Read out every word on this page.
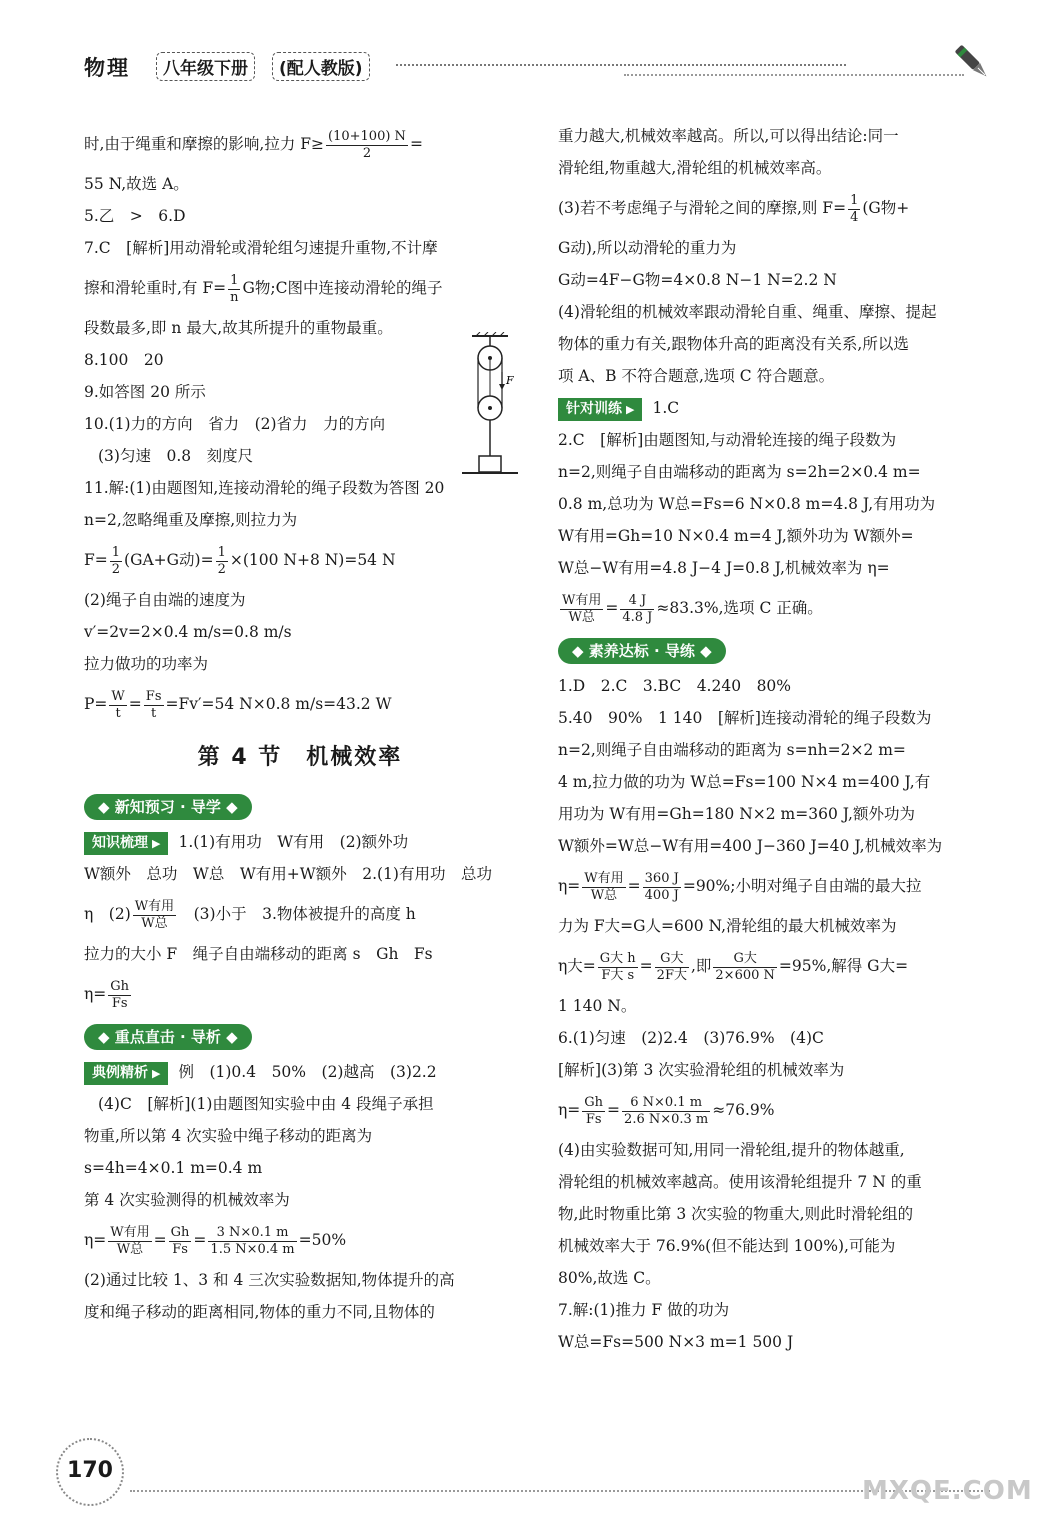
物理	八年级下册	(配人教版)
时,由于绳重和摩擦的影响,拉力 $F\ge \frac{(10+100) N}{2}$ =
55 N,故选 A。
5.乙　>　6.D
7.C　[解析]用动滑轮或滑轮组匀速提升重物,不计摩
擦和滑轮重时,有 $F= \frac{1}{n}$ G物;C图中连接动滑轮的绳子
段数最多,即 n 最大,故其所提升的重物最重。
8.100　20
9.如答图 20 所示
10.(1)力的方向　省力　(2)省力　力的方向
(3)匀速　0.8　刻度尺
11.解:(1)由题图知,连接动滑轮的绳子段数为答图 20
n=2,忽略绳重及摩擦,则拉力为
$F= \frac{1}{2} (GA+G$动)= $\frac{1}{2} \times(100$ N+8 N)=54 N
(2)绳子自由端的速度为
v′=2v=2×0.4 m/s=0.8 m/s
拉力做功的功率为
$P= \frac{W}{t} = \frac{Fs}{t} =Fv'=54$ N×0.8 m/s=43.2 W
第 4 节　机械效率
◆ 新知预习 · 导学 ◆
知识梳理 ▶ 1.(1)有用功　W有用　(2)额外功
W额外　总功　W总　W有用+W额外　2.(1)有用功　总功
η　$(2) \frac{\text{W有用}}{\text{W总}}$ 　(3)小于　3.物体被提升的高度 h
拉力的大小 F　绳子自由端移动的距离 s　Gh　Fs
$\eta= \frac{Gh}{Fs}$
◆ 重点直击 · 导析 ◆
典例精析 ▶ 例　(1)0.4　50%　(2)越高　(3)2.2
(4)C　[解析](1)由题图知实验中由 4 段绳子承担
物重,所以第 4 次实验中绳子移动的距离为
s=4h=4×0.1 m=0.4 m
第 4 次实验测得的机械效率为
$\eta= \frac{\text{W有用}}{\text{W总}} = \frac{Gh}{Fs} = \frac{3 N\times 0.1 m}{1.5 N\times 0.4 m} =50\%$
(2)通过比较 1、3 和 4 三次实验数据知,物体提升的高
度和绳子移动的距离相同,物体的重力不同,且物体的
F
重力越大,机械效率越高。所以,可以得出结论:同一
滑轮组,物重越大,滑轮组的机械效率高。
(3)若不考虑绳子与滑轮之间的摩擦,则 $F= \frac{1}{4} (G$物+
G动),所以动滑轮的重力为
G动=4F−G物=4×0.8 N−1 N=2.2 N
(4)滑轮组的机械效率跟动滑轮自重、绳重、摩擦、提起
物体的重力有关,跟物体升高的距离没有关系,所以选
项 A、B 不符合题意,选项 C 符合题意。
针对训练 ▶ 1.C
2.C　[解析]由题图知,与动滑轮连接的绳子段数为
n=2,则绳子自由端移动的距离为 s=2h=2×0.4 m=
0.8 m,总功为 W总=Fs=6 N×0.8 m=4.8 J,有用功为
W有用=Gh=10 N×0.4 m=4 J,额外功为 W额外=
W总−W有用=4.8 J−4 J=0.8 J,机械效率为 η=
$\frac{\text{W有用}}{\text{W总}} = \frac{4 J}{4.8 J} \approx 83.3\%$,选项 C 正确。
◆ 素养达标 · 导练 ◆
1.D　2.C　3.BC　4.240　80%
5.40　90%　1 140　[解析]连接动滑轮的绳子段数为
n=2,则绳子自由端移动的距离为 s=nh=2×2 m=
4 m,拉力做的功为 W总=Fs=100 N×4 m=400 J,有
用功为 W有用=Gh=180 N×2 m=360 J,额外功为
W额外=W总−W有用=400 J−360 J=40 J,机械效率为
$\eta= \frac{\text{W有用}}{\text{W总}} = \frac{360 J}{400 J} =90\%$;小明对绳子自由端的最大拉
力为 F大=G人=600 N,滑轮组的最大机械效率为
η大= $\frac{\text{G大 h}}{\text{F大 s}} = \frac{\text{G大}}{\text{2F大}}$ ,即 $\frac{\text{G大}}{2\times 600 N} =95\%$,解得 G大=
1 140 N。
6.(1)匀速　(2)2.4　(3)76.9%　(4)C
[解析](3)第 3 次实验滑轮组的机械效率为
$\eta= \frac{Gh}{Fs} = \frac{6 N\times 0.1 m}{2.6 N\times 0.3 m} \approx 76.9\%$
(4)由实验数据可知,用同一滑轮组,提升的物体越重,
滑轮组的机械效率越高。使用该滑轮组提升 7 N 的重
物,此时物重比第 3 次实验的物重大,则此时滑轮组的
机械效率大于 76.9%(但不能达到 100%),可能为
80%,故选 C。
7.解:(1)推力 F 做的功为
W总=Fs=500 N×3 m=1 500 J
170
MXQE.COM
